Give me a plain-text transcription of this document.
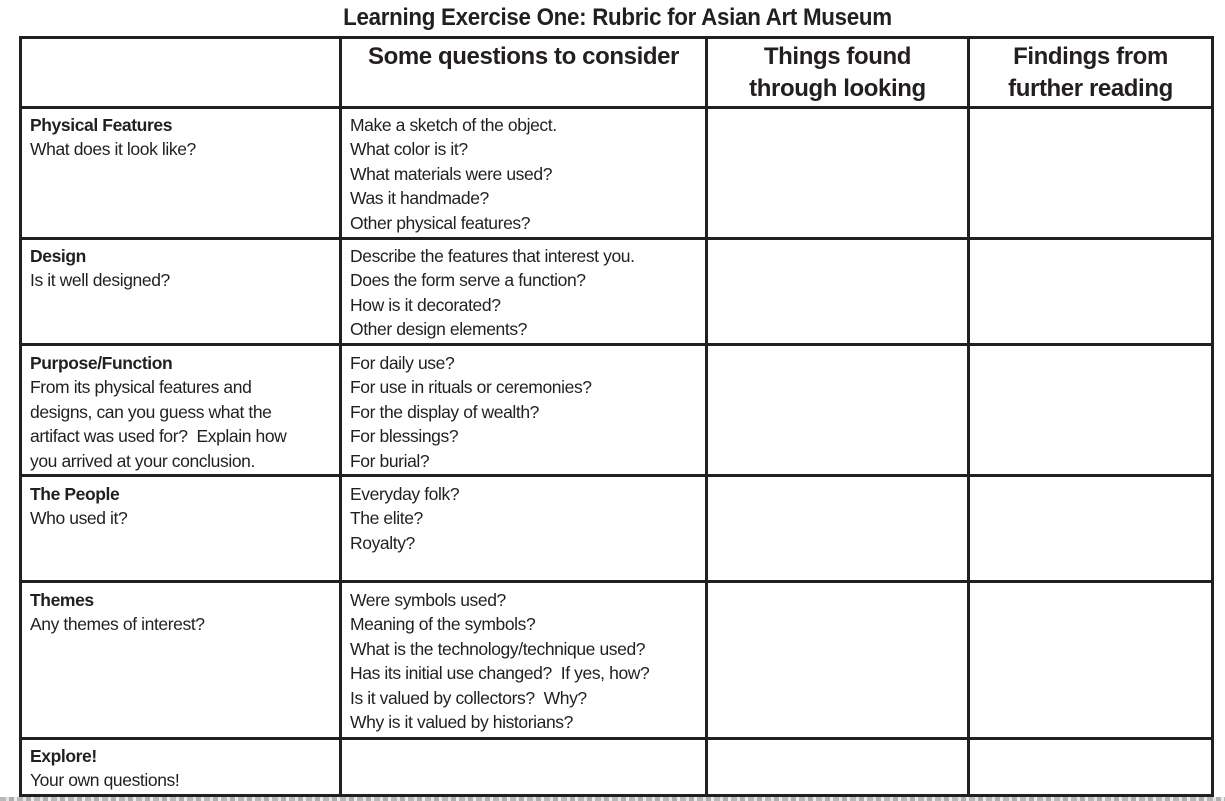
Learning Exercise One: Rubric for Asian Art Museum
Some questions to consider	Things found
through looking
Findings from
further reading
Physical Features
What does it look like?
Make a sketch of the object.
What color is it?
What materials were used?
Was it handmade?
Other physical features?
Design
Is it well designed?
Describe the features that interest you.
Does the form serve a function?
How is it decorated?
Other design elements?
Purpose/Function
From its physical features and
designs, can you guess what the
artifact was used for?  Explain how
you arrived at your conclusion.
For daily use?
For use in rituals or ceremonies?
For the display of wealth?
For blessings?
For burial?
The People
Who used it?
Everyday folk?
The elite?
Royalty?
Themes
Any themes of interest?
Were symbols used?
Meaning of the symbols?
What is the technology/technique used?
Has its initial use changed?  If yes, how?
Is it valued by collectors?  Why?
Why is it valued by historians?
Explore!
Your own questions!
